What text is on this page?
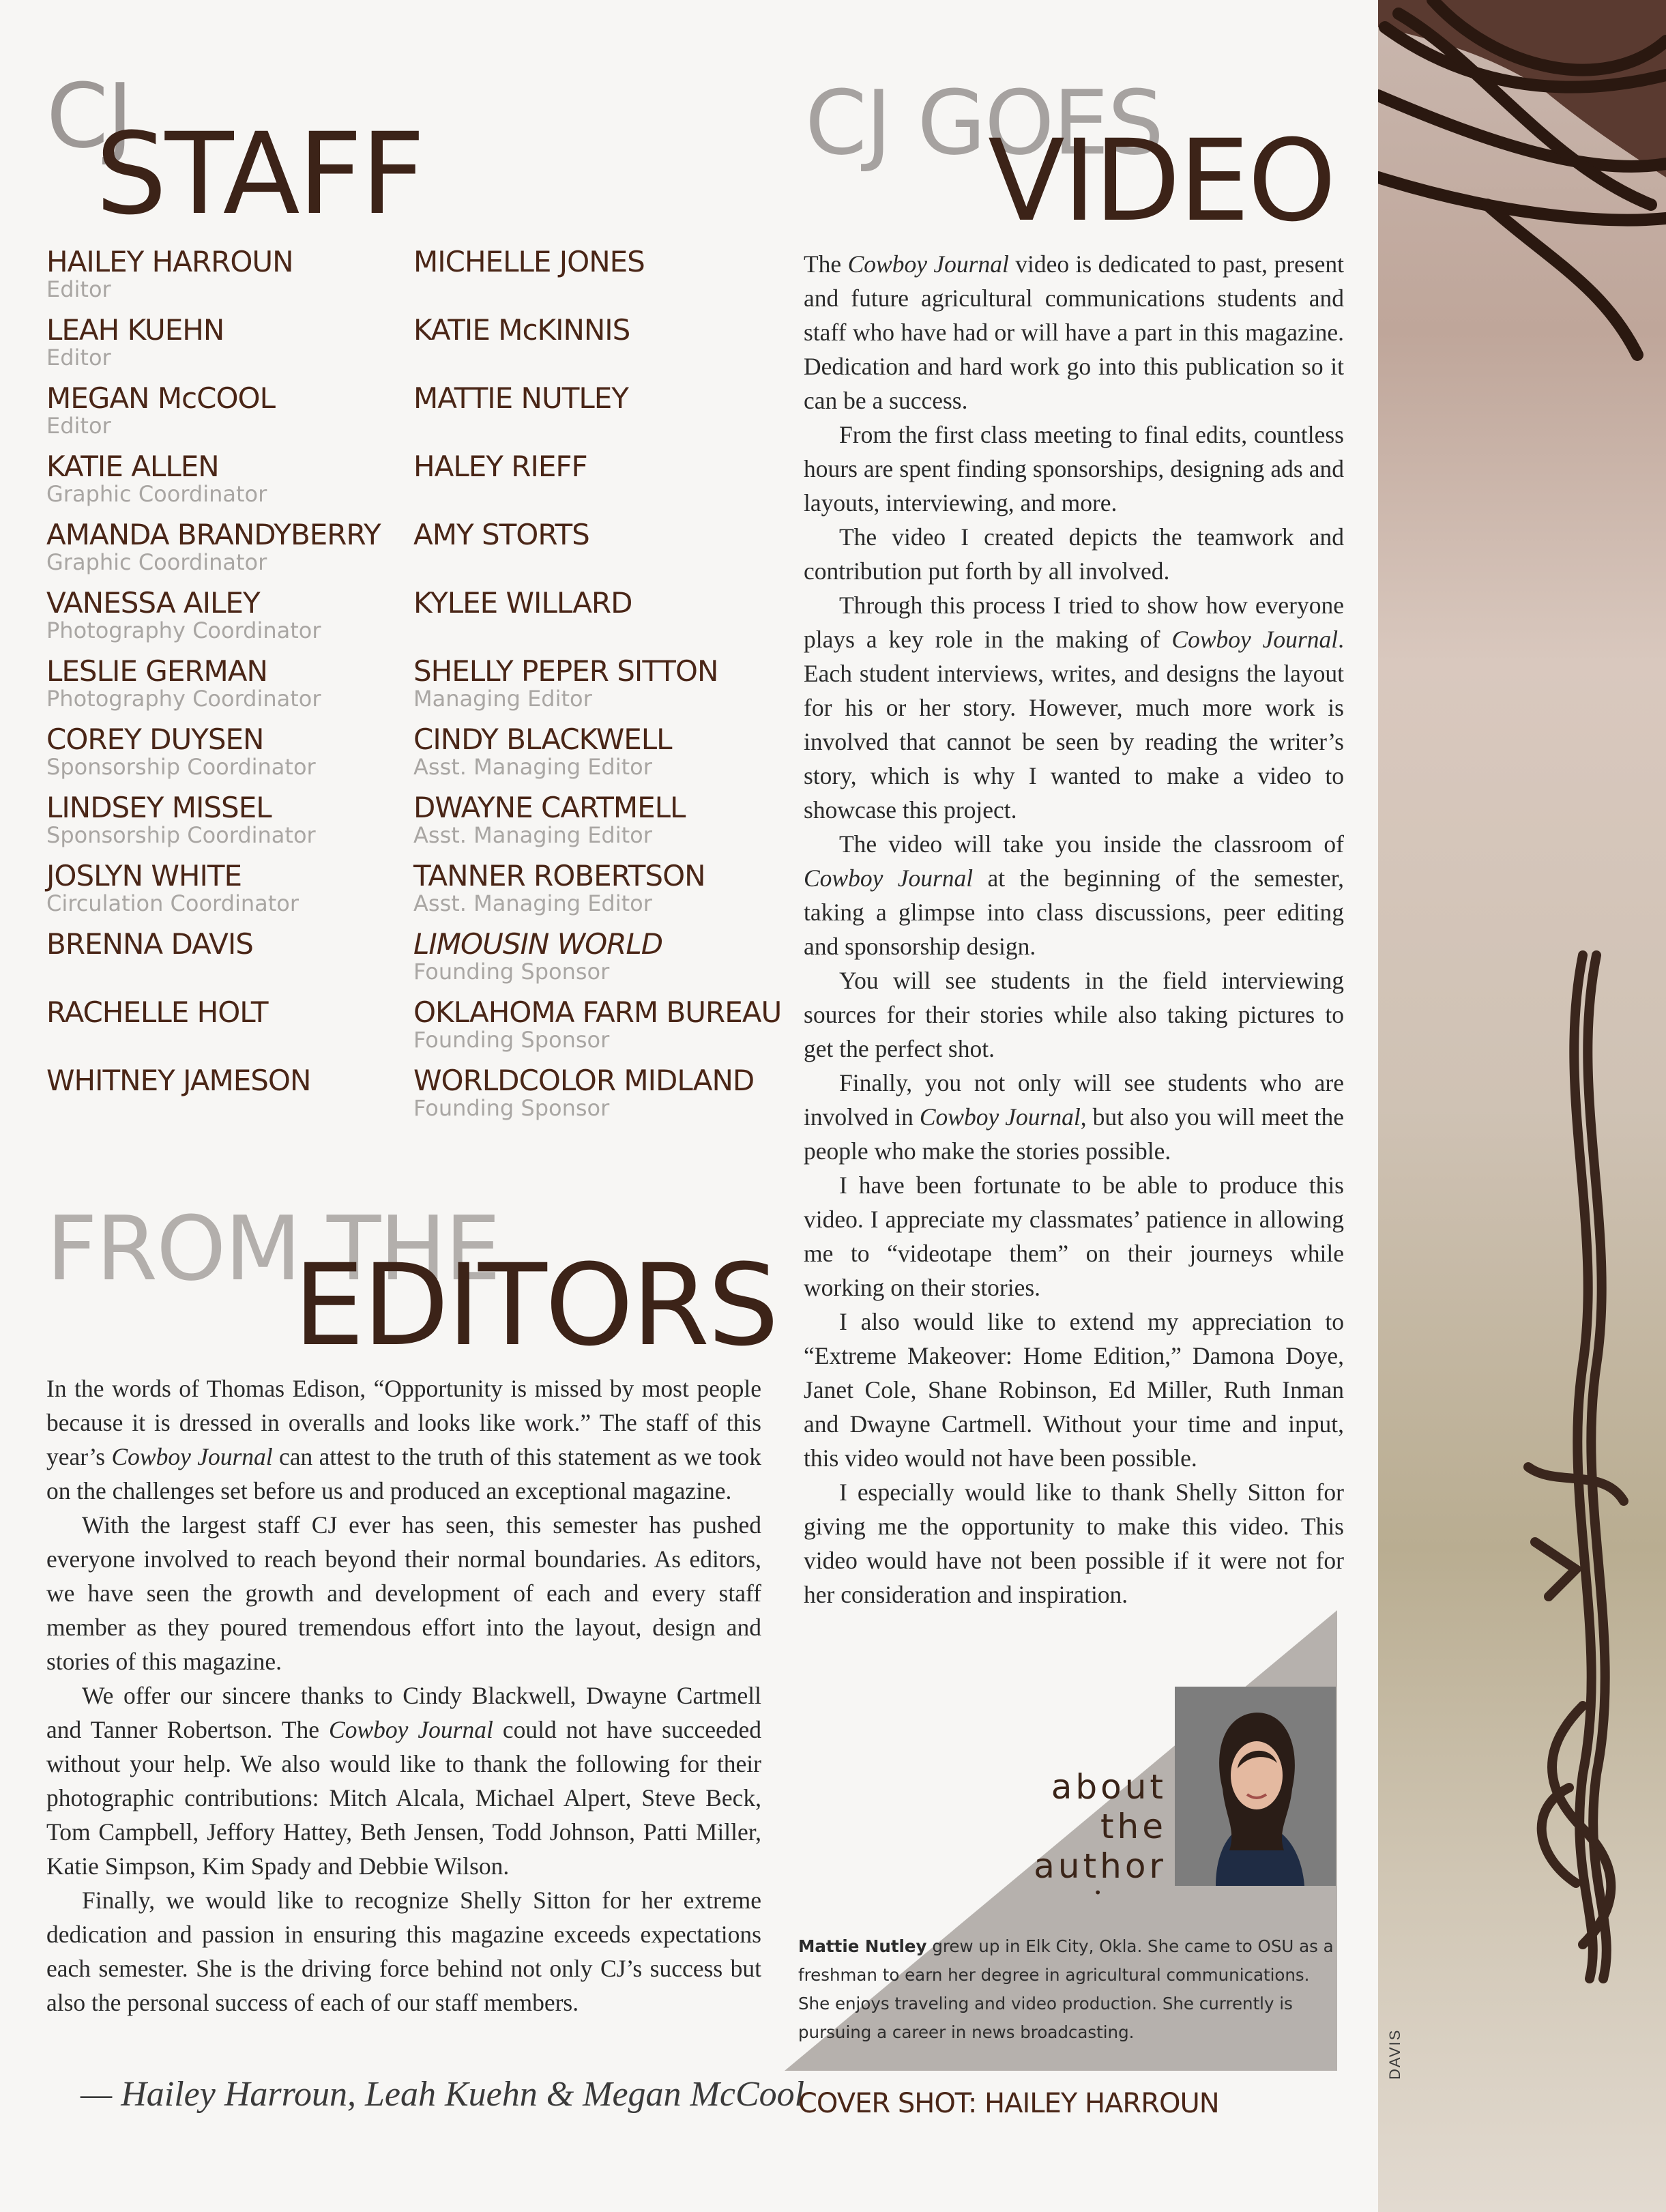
CJ
STAFF
HAILEY HARROUN
Editor
LEAH KUEHN
Editor
MEGAN McCOOL
Editor
KATIE ALLEN
Graphic Coordinator
AMANDA BRANDYBERRY
Graphic Coordinator
VANESSA AILEY
Photography Coordinator
LESLIE GERMAN
Photography Coordinator
COREY DUYSEN
Sponsorship Coordinator
LINDSEY MISSEL
Sponsorship Coordinator
JOSLYN WHITE
Circulation Coordinator
BRENNA DAVIS
RACHELLE HOLT
WHITNEY JAMESON
MICHELLE JONES
KATIE McKINNIS
MATTIE NUTLEY
HALEY RIEFF
AMY STORTS
KYLEE WILLARD
SHELLY PEPER SITTON
Managing Editor
CINDY BLACKWELL
Asst. Managing Editor
DWAYNE CARTMELL
Asst. Managing Editor
TANNER ROBERTSON
Asst. Managing Editor
LIMOUSIN WORLD
Founding Sponsor
OKLAHOMA FARM BUREAU
Founding Sponsor
WORLDCOLOR MIDLAND
Founding Sponsor
FROM THE
EDITORS

In the words of Thomas Edison, “Opportunity is missed by most people because it is dressed in overalls and looks like work.” The staff of this year’s Cowboy Journal can attest to the truth of this statement as we took on the challenges set before us and produced an exceptional magazine.

With the largest staff CJ ever has seen, this semester has pushed everyone involved to reach beyond their normal boundaries. As editors, we have seen the growth and development of each and every staff member as they poured tremendous effort into the layout, design and stories of this magazine.

We offer our sincere thanks to Cindy Blackwell, Dwayne Cartmell and Tanner Robertson. The Cowboy Journal could not have succeeded without your help. We also would like to thank the following for their photographic contributions: Mitch Alcala, Michael Alpert, Steve Beck, Tom Campbell, Jeffory Hattey, Beth Jensen, Todd Johnson, Patti Miller, Katie Simpson, Kim Spady and Debbie Wilson.

Finally, we would like to recognize Shelly Sitton for her extreme dedication and passion in ensuring this magazine exceeds expectations each semester. She is the driving force behind not only CJ’s success but also the personal success of each of our staff members.

— Hailey Harroun, Leah Kuehn & Megan McCool
CJ GOES
VIDEO

The Cowboy Journal video is dedicated to past, present and future agricultural communications students and staff who have had or will have a part in this magazine. Dedication and hard work go into this publication so it can be a success.

From the first class meeting to final edits, countless hours are spent finding sponsorships, designing ads and layouts, interviewing, and more.

The video I created depicts the teamwork and contribution put forth by all involved.

Through this process I tried to show how everyone plays a key role in the making of Cowboy Journal. Each student interviews, writes, and designs the layout for his or her story. However, much more work is involved that cannot be seen by reading the writer’s story, which is why I wanted to make a video to showcase this project.

The video will take you inside the classroom of Cowboy Journal at the beginning of the semester, taking a glimpse into class discussions, peer editing and sponsorship design.

You will see students in the field interviewing sources for their stories while also taking pictures to get the perfect shot.

Finally, you not only will see students who are involved in Cowboy Journal, but also you will meet the people who make the stories possible.

I have been fortunate to be able to produce this video. I appreciate my classmates’ patience in allowing me to “videotape them” on their journeys while working on their stories.

I also would like to extend my appreciation to “Extreme Makeover: Home Edition,” Damona Doye, Janet Cole, Shane Robinson, Ed Miller, Ruth Inman and Dwayne Cartmell. Without your time and input, this video would not have been possible.

I especially would like to thank Shelly Sitton for giving me the opportunity to make this video. This video would have not been possible if it were not for her consideration and inspiration.

about
the
author
•
Mattie Nutley grew up in Elk City, Okla. She came to OSU as a freshman to earn her degree in agricultural communications. She enjoys traveling and video production. She currently is pursuing a career in news broadcasting.
COVER SHOT: HAILEY HARROUN
